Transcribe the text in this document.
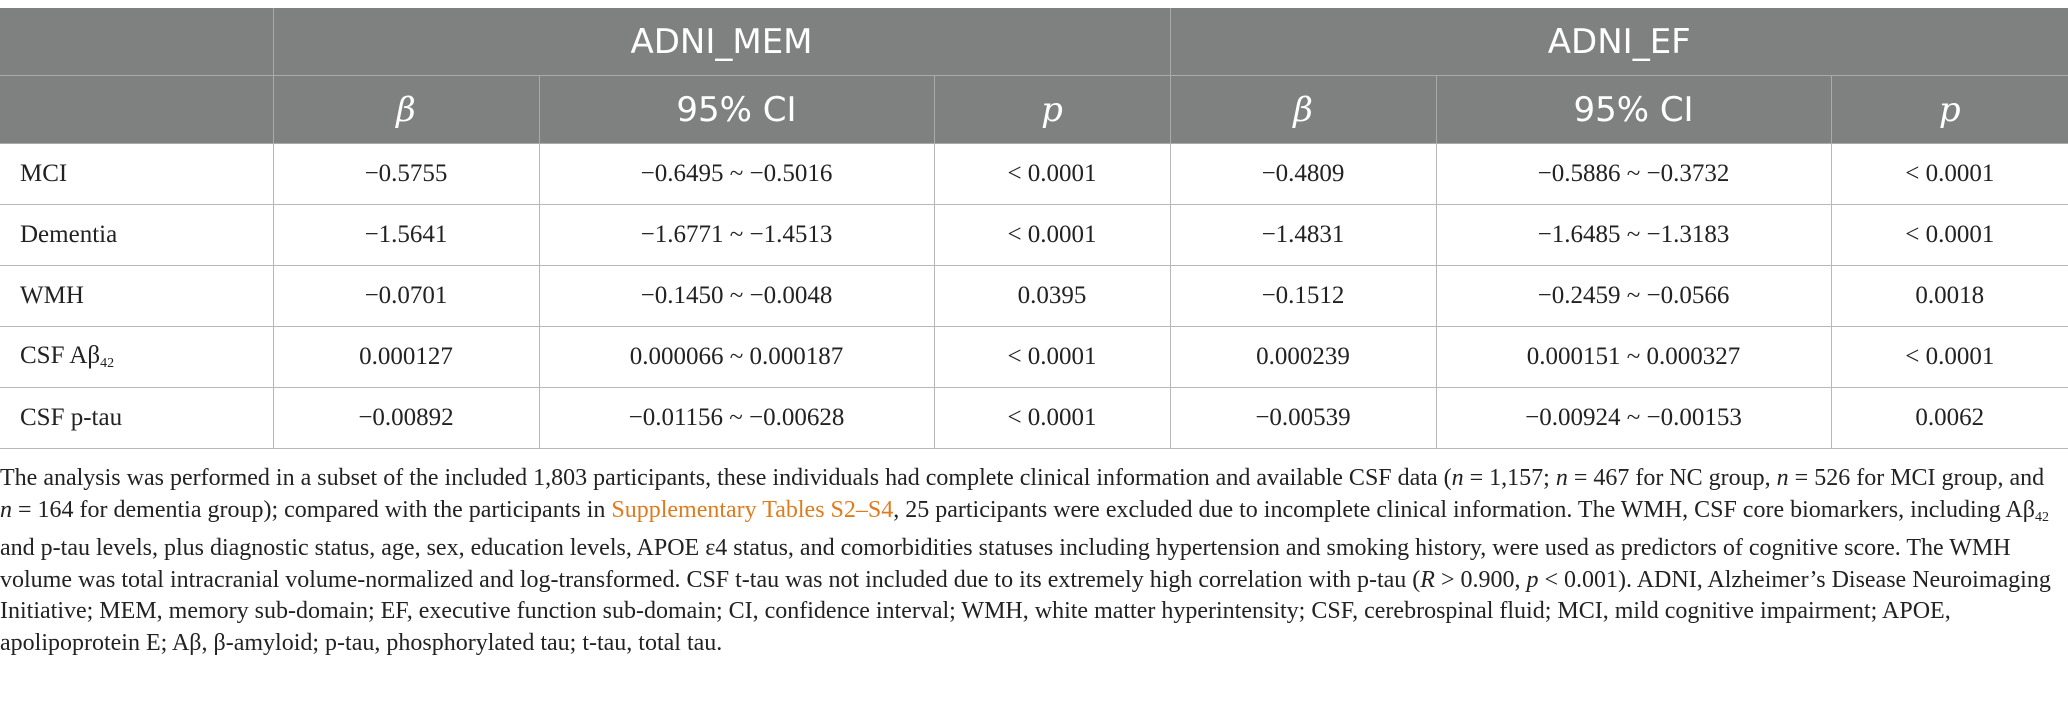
	ADNI_MEM			ADNI_EF		
	β	95% CI	p	β	95% CI	p
MCI	−0.5755	−0.6495 ~ −0.5016	< 0.0001	−0.4809	−0.5886 ~ −0.3732	< 0.0001
Dementia	−1.5641	−1.6771 ~ −1.4513	< 0.0001	−1.4831	−1.6485 ~ −1.3183	< 0.0001
WMH	−0.0701	−0.1450 ~ −0.0048	0.0395	−0.1512	−0.2459 ~ −0.0566	0.0018
CSF $A\beta_{42}$	0.000127	0.000066 ~ 0.000187	< 0.0001	0.000239	0.000151 ~ 0.000327	< 0.0001
CSF p-tau	−0.00892	−0.01156 ~ −0.00628	< 0.0001	−0.00539	−0.00924 ~ −0.00153	0.0062
The analysis was performed in a subset of the included 1,803 participants, these individuals had complete clinical information and available CSF data (n = 1,157; n = 467 for NC group, n = 526 for MCI group, and n = 164 for dementia group); compared with the participants in Supplementary Tables S2–S4, 25 participants were excluded due to incomplete clinical information. The WMH, CSF core biomarkers, including $A\beta_{42}$ and p-tau levels, plus diagnostic status, age, sex, education levels, APOE ε4 status, and comorbidities statuses including hypertension and smoking history, were used as predictors of cognitive score. The WMH volume was total intracranial volume-normalized and log-transformed. CSF t-tau was not included due to its extremely high correlation with p-tau (R > 0.900, p < 0.001). ADNI, Alzheimer’s Disease Neuroimaging Initiative; MEM, memory sub-domain; EF, executive function sub-domain; CI, confidence interval; WMH, white matter hyperintensity; CSF, cerebrospinal fluid; MCI, mild cognitive impairment; APOE, apolipoprotein E; Aβ, β-amyloid; p-tau, phosphorylated tau; t-tau, total tau.
